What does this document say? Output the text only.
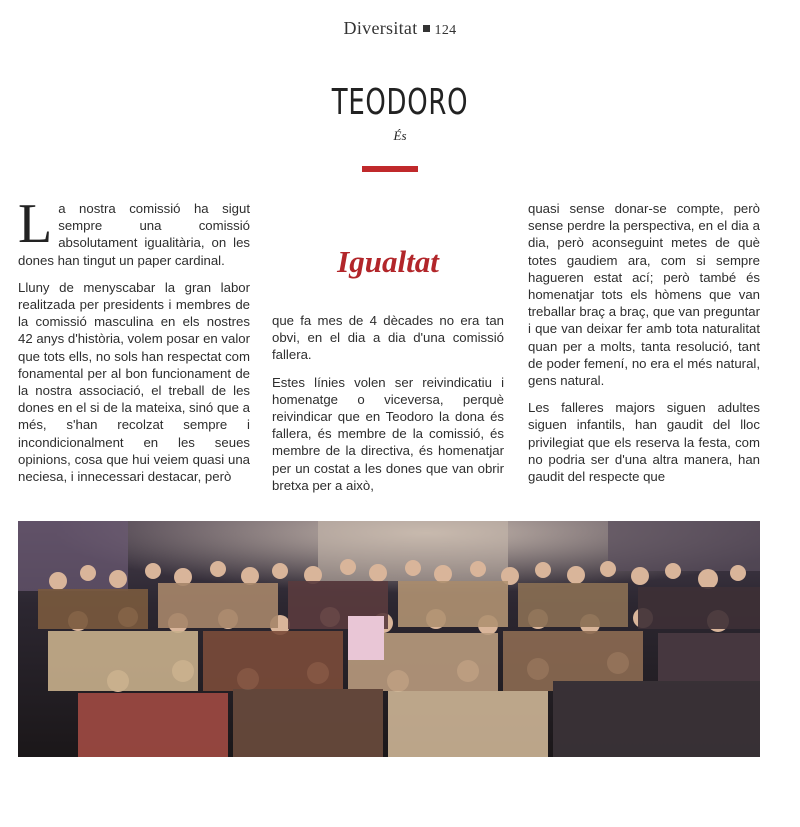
Diversitat 124
TEODORO
És

La nostra comissió ha sigut sempre una comissió absolutament igualitària, on les dones han tingut un paper cardinal.

Lluny de menyscabar la gran labor realitzada per presidents i membres de la comissió masculina en els nostres 42 anys d'història, volem posar en valor que tots ells, no sols han respectat com fonamental per al bon funcionament de la nostra associació, el treball de les dones en el si de la mateixa, sinó que a més, s'han recolzat sempre i incondicionalment en les seues opinions, cosa que hui veiem quasi una neciesa, i innecessari destacar, però

Igualtat

que fa mes de 4 dècades no era tan obvi, en el dia a dia d'una comissió fallera.

Estes línies volen ser reivindicatiu i homenatge o viceversa, perquè reivindicar que en Teodoro la dona és fallera, és membre de la comissió, és membre de la directiva, és homenatjar per un costat a les dones que van obrir bretxa per a això,

quasi sense donar-se compte, però sense perdre la perspectiva, en el dia a dia, però aconseguint metes de què totes gaudiem ara, com si sempre hagueren estat ací; però també és homenatjar tots els hòmens que van treballar braç a braç, que van preguntar i que van deixar fer amb tota naturalitat quan per a molts, tanta resolució, tant de poder femení, no era el més natural, gens natural.

Les falleres majors siguen adultes siguen infantils, han gaudit del lloc privilegiat que els reserva la festa, com no podria ser d'una altra manera, han gaudit del respecte que
